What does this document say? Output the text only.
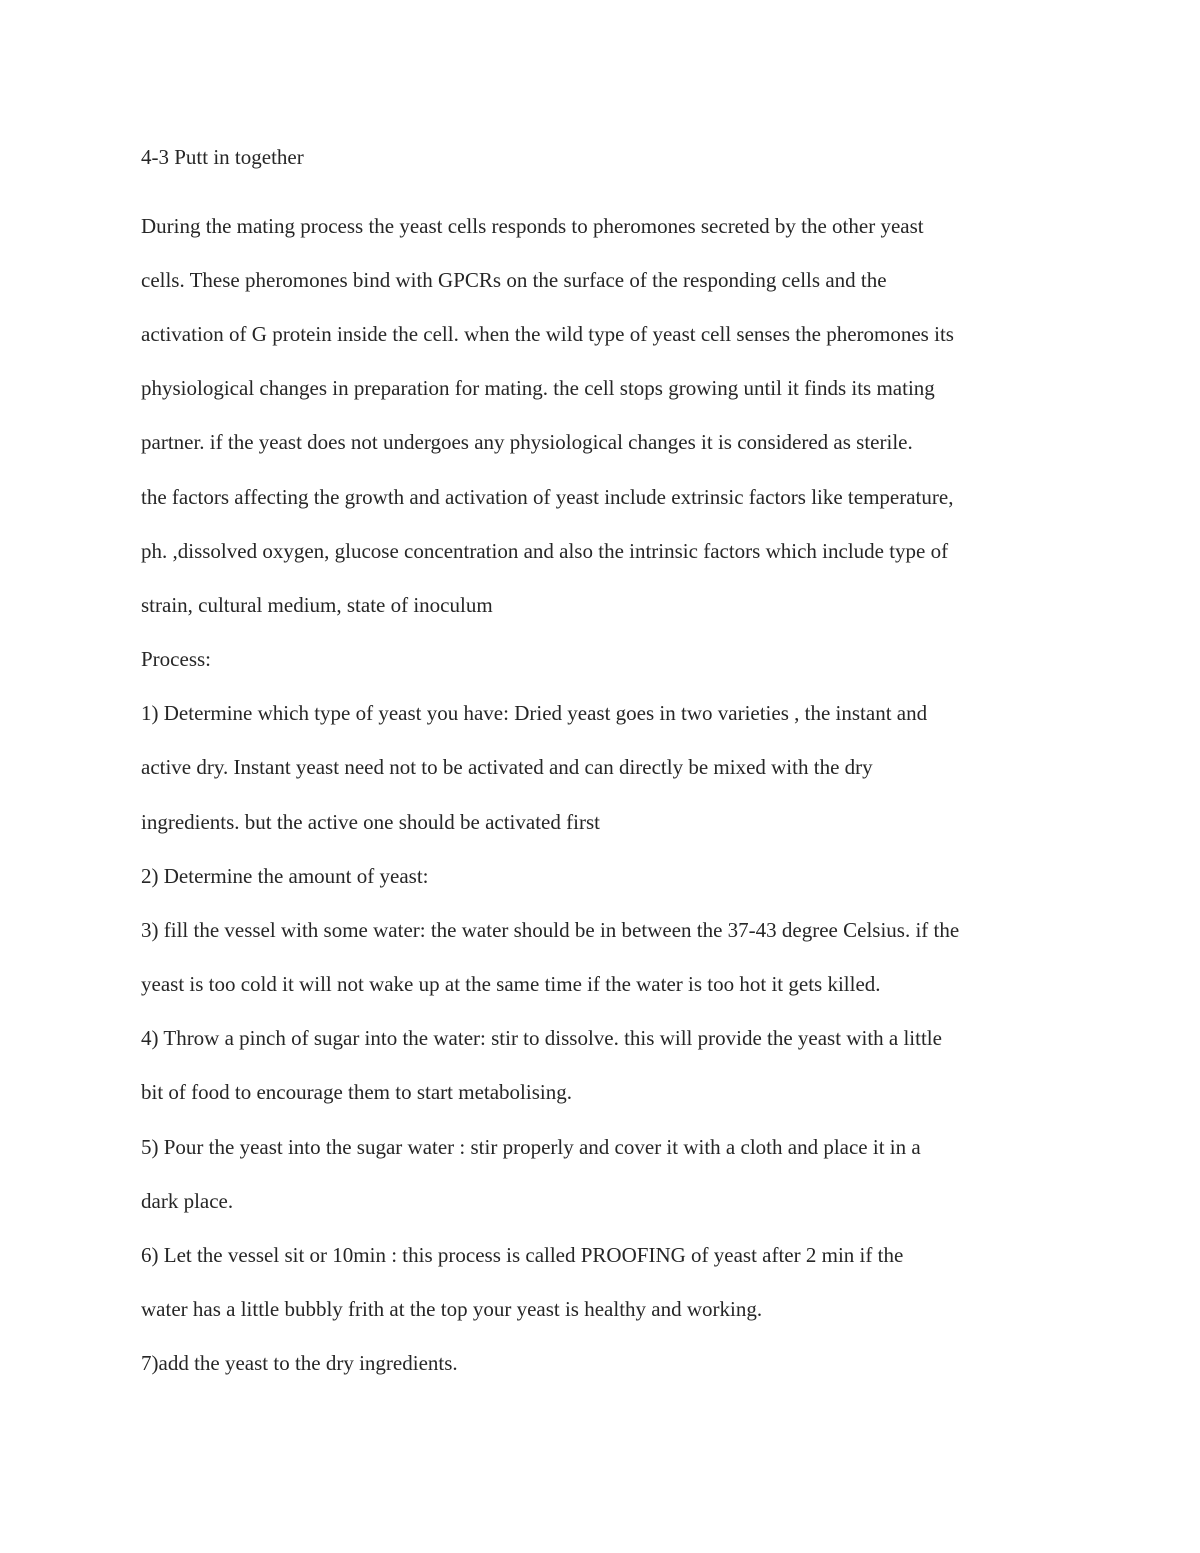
4-3 Putt in together

During the mating process the yeast cells responds to pheromones secreted by the other yeast

cells. These pheromones bind with GPCRs on the surface of the responding cells and the

activation of G protein inside the cell. when the wild type of yeast cell senses the pheromones its

physiological changes in preparation for mating. the cell stops growing until it finds its mating

partner. if the yeast does not undergoes any physiological changes it is considered as sterile.

the factors affecting the growth and activation of yeast include extrinsic factors like temperature,

ph. ,dissolved oxygen, glucose concentration and also the intrinsic factors which include type of

strain, cultural medium, state of inoculum

Process:

1) Determine which type of yeast you have: Dried yeast goes in two varieties , the instant and

active dry. Instant yeast need not to be activated and can directly be mixed with the dry

ingredients. but the active one should be activated first

2) Determine the amount of yeast:

3) fill the vessel with some water: the water should be in between the 37-43 degree Celsius. if the

yeast is too cold it will not wake up at the same time if the water is too hot it gets killed.

4) Throw a pinch of sugar into the water: stir to dissolve. this will provide the yeast with a little

bit of food to encourage them to start metabolising.

5) Pour the yeast into the sugar water : stir properly and cover it with a cloth and place it in a

dark place.

6) Let the vessel sit or 10min : this process is called PROOFING of yeast after 2 min if the

water has a little bubbly frith at the top your yeast is healthy and working.

7)add the yeast to the dry ingredients.
